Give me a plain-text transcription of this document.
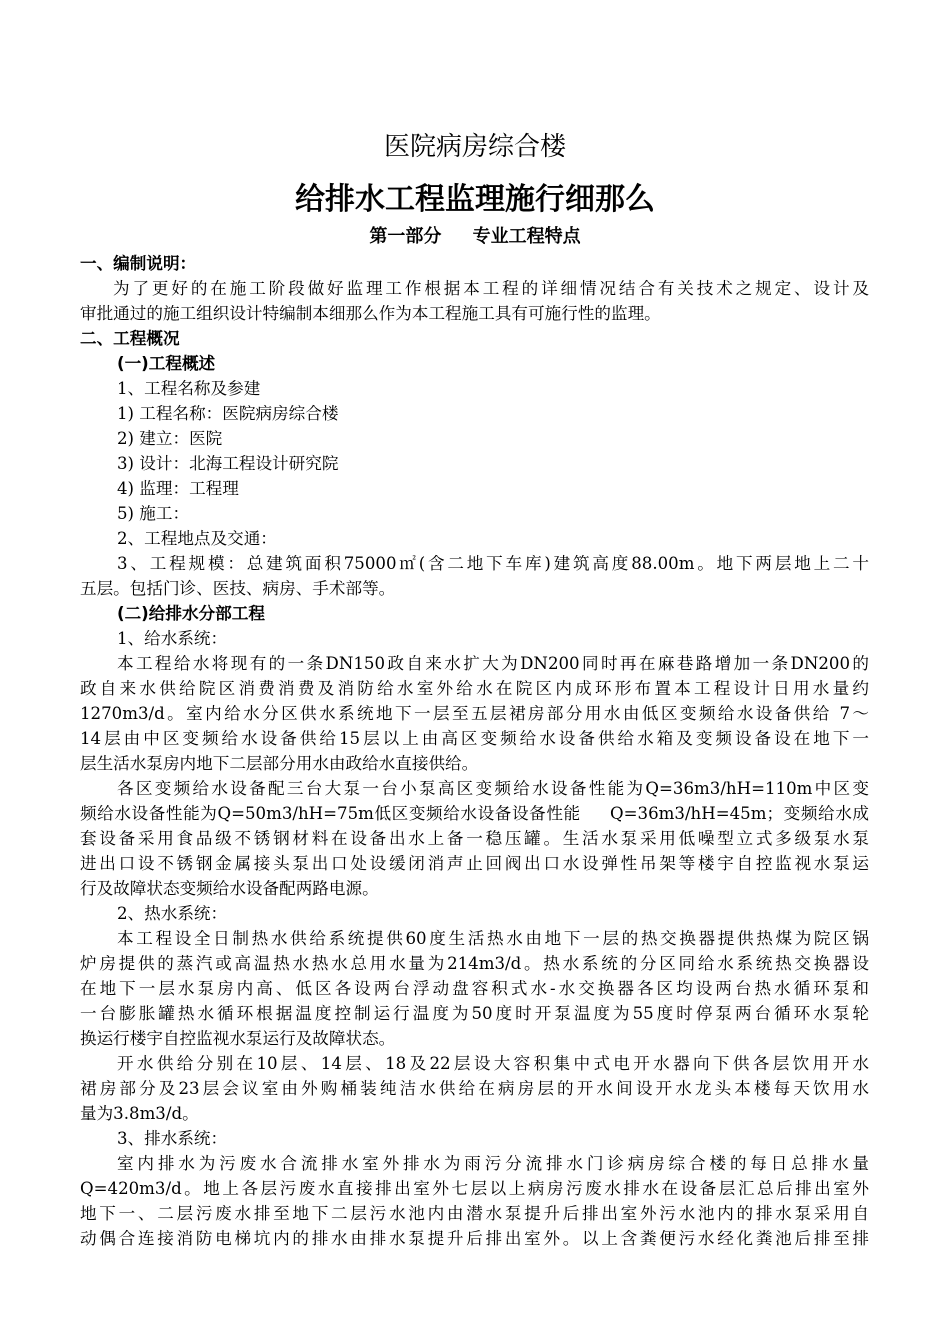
医院病房综合楼
给排水工程监理施行细那么
第一部分     专业工程特点
一、编制说明：
为了更好的在施工阶段做好监理工作根据本工程的详细情况结合有关技术之规定、设计及
审批通过的施工组织设计特编制本细那么作为本工程施工具有可施行性的监理。
二、工程概况
(一)工程概述
1、工程名称及参建
1) 工程名称：医院病房综合楼
2) 建立：医院
3) 设计：北海工程设计研究院
4) 监理：工程理
5) 施工：
2、工程地点及交通：
3、工程规模：总建筑面积75000㎡(含二地下车库)建筑高度88.00m。地下两层地上二十
五层。包括门诊、医技、病房、手术部等。
(二)给排水分部工程
1、给水系统：
本工程给水将现有的一条DN150政自来水扩大为DN200同时再在麻巷路增加一条DN200的
政自来水供给院区消费消费及消防给水室外给水在院区内成环形布置本工程设计日用水量约
1270m3/d。室内给水分区供水系统地下一层至五层裙房部分用水由低区变频给水设备供给 7～
14层由中区变频给水设备供给15层以上由高区变频给水设备供给水箱及变频设备设在地下一
层生活水泵房内地下二层部分用水由政给水直接供给。
各区变频给水设备配三台大泵一台小泵高区变频给水设备性能为Q=36m3/hH=110m中区变
频给水设备性能为Q=50m3/hH=75m低区变频给水设备设备性能     Q=36m3/hH=45m；变频给水成
套设备采用食品级不锈钢材料在设备出水上备一稳压罐。生活水泵采用低噪型立式多级泵水泵
进出口设不锈钢金属接头泵出口处设缓闭消声止回阀出口水设弹性吊架等楼宇自控监视水泵运
行及故障状态变频给水设备配两路电源。
2、热水系统：
本工程设全日制热水供给系统提供60度生活热水由地下一层的热交换器提供热煤为院区锅
炉房提供的蒸汽或高温热水热水总用水量为214m3/d。热水系统的分区同给水系统热交换器设
在地下一层水泵房内高、低区各设两台浮动盘容积式水-水交换器各区均设两台热水循环泵和
一台膨胀罐热水循环根据温度控制运行温度为50度时开泵温度为55度时停泵两台循环水泵轮
换运行楼宇自控监视水泵运行及故障状态。
开水供给分别在10层、14层、18及22层设大容积集中式电开水器向下供各层饮用开水
裙房部分及23层会议室由外购桶装纯洁水供给在病房层的开水间设开水龙头本楼每天饮用水
量为3.8m3/d。
3、排水系统：
室内排水为污废水合流排水室外排水为雨污分流排水门诊病房综合楼的每日总排水量
Q=420m3/d。地上各层污废水直接排出室外七层以上病房污废水排水在设备层汇总后排出室外
地下一、二层污废水排至地下二层污水池内由潜水泵提升后排出室外污水池内的排水泵采用自
动偶合连接消防电梯坑内的排水由排水泵提升后排出室外。以上含粪便污水经化粪池后排至排
